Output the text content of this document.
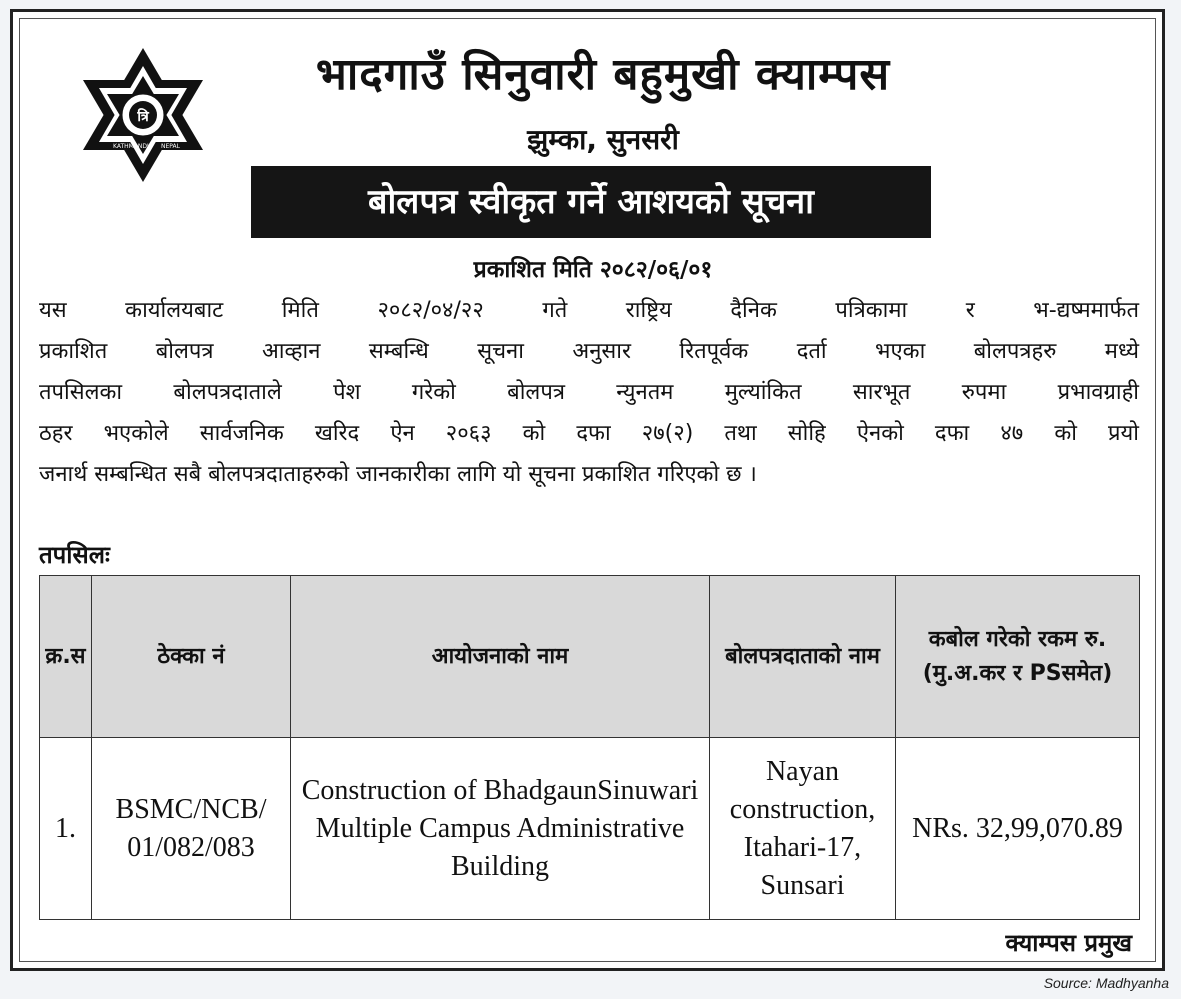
त्रि
KATHMANDU NEPAL
भादगाउँ सिनुवारी बहुमुखी क्याम्पस
झुम्का, सुनसरी
बोलपत्र स्वीकृत गर्ने आशयको सूचना
प्रकाशित मिति २०८२/०६/०१
यस कार्यालयबाट मिति २०८२/०४/२२ गते राष्ट्रिय दैनिक पत्रिकामा र भ-द्यष्ममार्फत
प्रकाशित बोलपत्र आव्हान सम्बन्धि सूचना अनुसार रितपूर्वक दर्ता भएका बोलपत्रहरु मध्ये
तपसिलका बोलपत्रदाताले पेश गरेको बोलपत्र न्युनतम मुल्यांकित सारभूत रुपमा प्रभावग्राही
ठहर भएकोले सार्वजनिक खरिद ऐन २०६३ को दफा २७(२) तथा सोहि ऐनको दफा ४७ को प्रयो
जनार्थ सम्बन्धित सबै बोलपत्रदाताहरुको जानकारीका लागि यो सूचना प्रकाशित गरिएको छ ।
तपसिलः
क्र.स	ठेक्का नं	आयोजनाको नाम	बोलपत्रदाताको नाम	कबोल गरेको रकम रु. (मु.अ.कर र PSसमेत)
1.	BSMC/NCB/ 01/082/083	Construction of BhadgaunSinuwari Multiple Campus Administrative Building	Nayan construction, Itahari-17, Sunsari	NRs. 32,99,070.89
क्याम्पस प्रमुख
Source: Madhyanha
